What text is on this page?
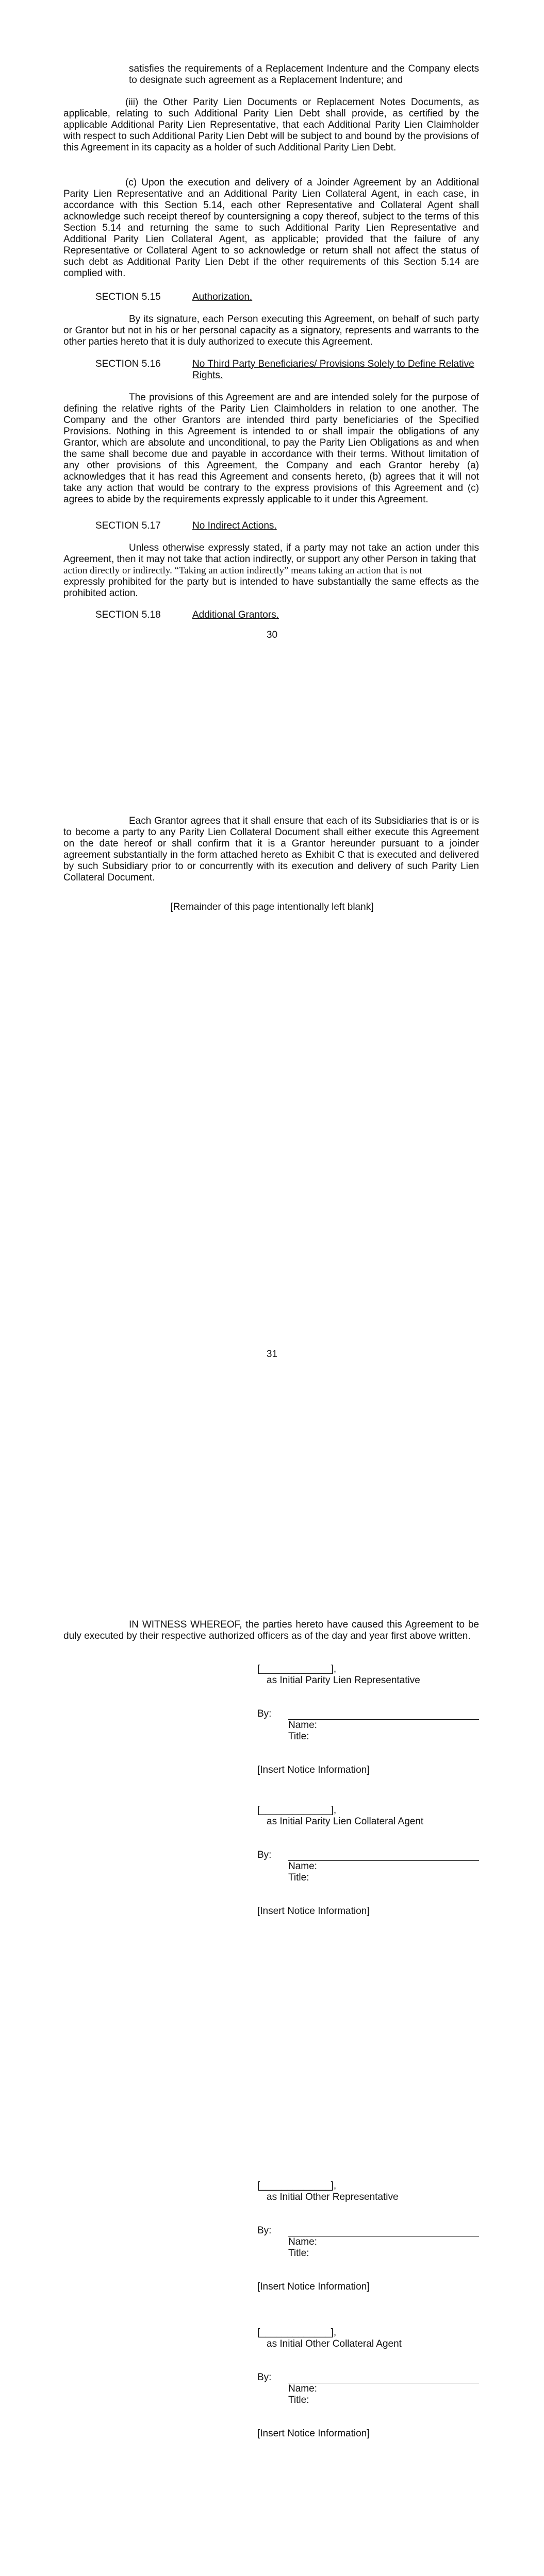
satisfies the requirements of a Replacement Indenture and the Company elects to designate such agreement as a Replacement Indenture; and

(iii) the Other Parity Lien Documents or Replacement Notes Documents, as applicable, relating to such Additional Parity Lien Debt shall provide, as certified by the applicable Additional Parity Lien Representative, that each Additional Parity Lien Claimholder with respect to such Additional Parity Lien Debt will be subject to and bound by the provisions of this Agreement in its capacity as a holder of such Additional Parity Lien Debt.

(c) Upon the execution and delivery of a Joinder Agreement by an Additional Parity Lien Representative and an Additional Parity Lien Collateral Agent, in each case, in accordance with this Section 5.14, each other Representative and Collateral Agent shall acknowledge such receipt thereof by countersigning a copy thereof, subject to the terms of this Section 5.14 and returning the same to such Additional Parity Lien Representative and Additional Parity Lien Collateral Agent, as applicable; provided that the failure of any Representative or Collateral Agent to so acknowledge or return shall not affect the status of such debt as Additional Parity Lien Debt if the other requirements of this Section 5.14 are complied with.

SECTION 5.15	Authorization.

By its signature, each Person executing this Agreement, on behalf of such party or Grantor but not in his or her personal capacity as a signatory, represents and warrants to the other parties hereto that it is duly authorized to execute this Agreement.

SECTION 5.16	No Third Party Beneficiaries/ Provisions Solely to Define Relative Rights.

The provisions of this Agreement are and are intended solely for the purpose of defining the relative rights of the Parity Lien Claimholders in relation to one another. The Company and the other Grantors are intended third party beneficiaries of the Specified Provisions. Nothing in this Agreement is intended to or shall impair the obligations of any Grantor, which are absolute and unconditional, to pay the Parity Lien Obligations as and when the same shall become due and payable in accordance with their terms. Without limitation of any other provisions of this Agreement, the Company and each Grantor hereby (a) acknowledges that it has read this Agreement and consents hereto, (b) agrees that it will not take any action that would be contrary to the express provisions of this Agreement and (c) agrees to abide by the requirements expressly applicable to it under this Agreement.

SECTION 5.17	No Indirect Actions.
Unless otherwise expressly stated, if a party may not take an action under this Agreement, then it may not take that action indirectly, or support any other Person in taking that
action directly or indirectly. “Taking an action indirectly” means taking an action that is not
expressly prohibited for the party but is intended to have substantially the same effects as the prohibited action.
SECTION 5.18	Additional Grantors.

30

Each Grantor agrees that it shall ensure that each of its Subsidiaries that is or is to become a party to any Parity Lien Collateral Document shall either execute this Agreement on the date hereof or shall confirm that it is a Grantor hereunder pursuant to a joinder agreement substantially in the form attached hereto as Exhibit C that is executed and delivered by such Subsidiary prior to or concurrently with its execution and delivery of such Parity Lien Collateral Document.

[Remainder of this page intentionally left blank]

31

IN WITNESS WHEREOF, the parties hereto have caused this Agreement to be duly executed by their respective authorized officers as of the day and year first above written.

[_____________],
as Initial Parity Lien Representative
By:
Name:
Title:
[Insert Notice Information]
[_____________],
as Initial Parity Lien Collateral Agent
By:
Name:
Title:
[Insert Notice Information]
[_____________],
as Initial Other Representative
By:
Name:
Title:
[Insert Notice Information]
[_____________],
as Initial Other Collateral Agent
By:
Name:
Title:
[Insert Notice Information]
